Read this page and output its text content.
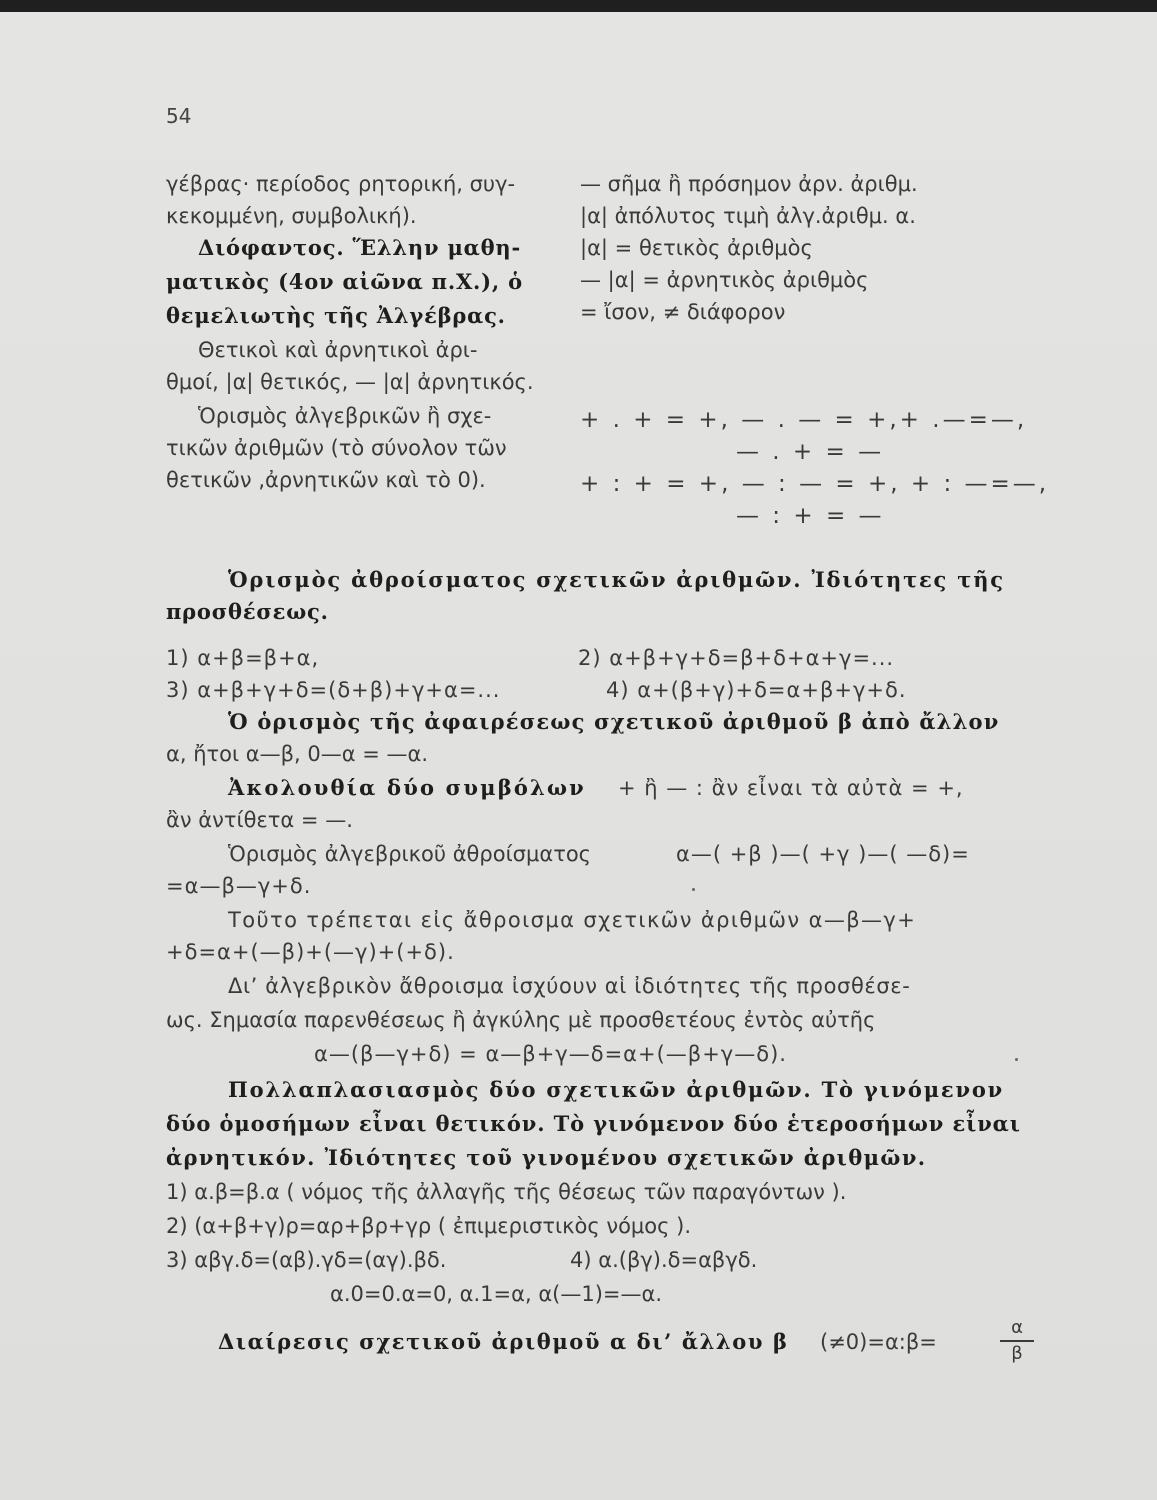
54
γέβρας· περίοδος ρητορική, συγ-
κεκομμένη, συμβολική).
Διόφαντος. Ἕλλην μαθη-
ματικὸς (4ον αἰῶνα π.Χ.), ὁ
θεμελιωτὴς τῆς Ἀλγέβρας.
Θετικοὶ καὶ ἀρνητικοὶ ἀρι-
θμοί, |α| θετικός, — |α| ἀρνητικός.
Ὁρισμὸς ἀλγεβρικῶν ἢ σχε-
τικῶν ἀριθμῶν (τὸ σύνολον τῶν
θετικῶν ,ἀρνητικῶν καὶ τὸ 0).
— σῆμα ἢ πρόσημον ἀρν. ἀριθμ.
|α| ἀπόλυτος τιμὴ ἀλγ.ἀριθμ. α.
|α| = θετικὸς ἀριθμὸς
— |α| = ἀρνητικὸς ἀριθμὸς
= ἴσον, ≠ διάφορον
+ . + = +, — . — = +,+ .—=—,
— . + = —
+ : + = +, — : — = +, + : —=—,
— : + = —
Ὁρισμὸς ἀθροίσματος σχετικῶν ἀριθμῶν. Ἰδιότητες τῆς
προσθέσεως.
1) α+β=β+α,	2) α+β+γ+δ=β+δ+α+γ=...
3) α+β+γ+δ=(δ+β)+γ+α=...	4) α+(β+γ)+δ=α+β+γ+δ.
Ὁ ὁρισμὸς τῆς ἀφαιρέσεως σχετικοῦ ἀριθμοῦ β ἀπὸ ἄλλον
α, ἤτοι α—β, 0—α = —α.
Ἀκολουθία δύο συμβόλων + ἢ — : ἂν εἶναι τὰ αὐτὰ = +,
ἂν ἀντίθετα = —.
Ὁρισμὸς ἀλγεβρικοῦ ἀθροίσματος	α—( +β )—( +γ )—( —δ)=
=α—β—γ+δ.
Τοῦτο τρέπεται εἰς ἄθροισμα σχετικῶν ἀριθμῶν α—β—γ+
+δ=α+(—β)+(—γ)+(+δ).
Δι’ ἀλγεβρικὸν ἄθροισμα ἰσχύουν αἱ ἰδιότητες τῆς προσθέσε-
ως. Σημασία παρενθέσεως ἢ ἀγκύλης μὲ προσθετέους ἐντὸς αὐτῆς
α—(β—γ+δ) = α—β+γ—δ=α+(—β+γ—δ).
Πολλαπλασιασμὸς δύο σχετικῶν ἀριθμῶν. Τὸ γινόμενον
δύο ὁμοσήμων εἶναι θετικόν. Τὸ γινόμενον δύο ἑτεροσήμων εἶναι
ἀρνητικόν. Ἰδιότητες τοῦ γινομένου σχετικῶν ἀριθμῶν.
1) α.β=β.α ( νόμος τῆς ἀλλαγῆς τῆς θέσεως τῶν παραγόντων ).
2) (α+β+γ)ρ=αρ+βρ+γρ ( ἐπιμεριστικὸς νόμος ).
3) αβγ.δ=(αβ).γδ=(αγ).βδ.	4) α.(βγ).δ=αβγδ.
α.0=0.α=0, α.1=α, α(—1)=—α.
Διαίρεσις σχετικοῦ ἀριθμοῦ α δι’ ἄλλου β (≠0)=α:β=
α
β
